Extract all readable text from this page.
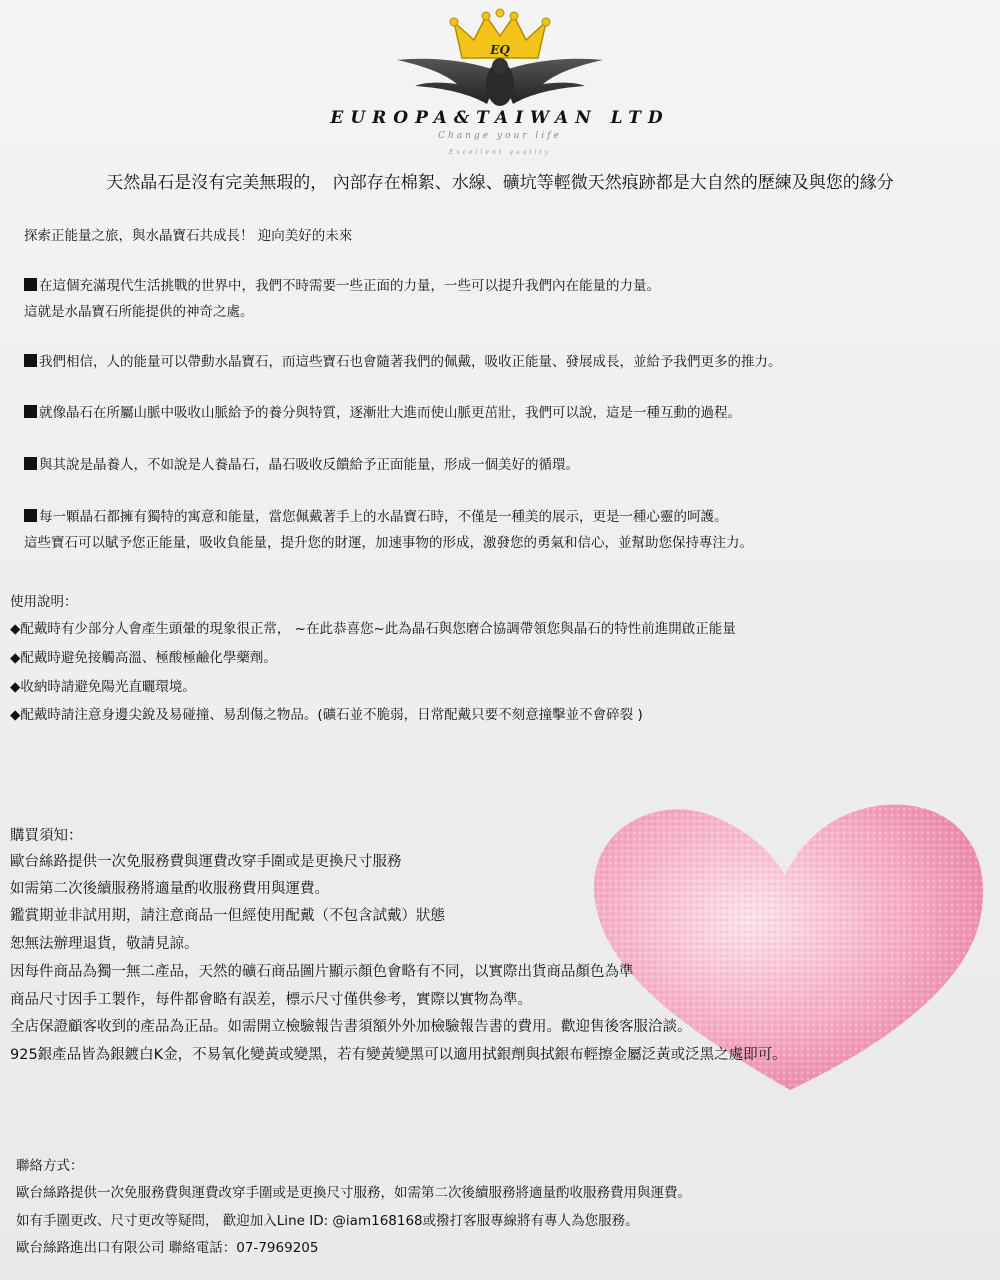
EQ
EUROPA&TAIWAN LTD
Change your life
Excellent quality
天然晶石是沒有完美無瑕的， 內部存在棉絮、水線、礦坑等輕微天然痕跡都是大自然的歷練及與您的緣分
探索正能量之旅，與水晶寶石共成長！ 迎向美好的未來
在這個充滿現代生活挑戰的世界中，我們不時需要一些正面的力量，一些可以提升我們內在能量的力量。
這就是水晶寶石所能提供的神奇之處。
我們相信，人的能量可以帶動水晶寶石，而這些寶石也會隨著我們的佩戴，吸收正能量、發展成長，並給予我們更多的推力。
就像晶石在所屬山脈中吸收山脈給予的養分與特質，逐漸壯大進而使山脈更茁壯，我們可以說，這是一種互動的過程。
與其說是晶養人，不如說是人養晶石，晶石吸收反饋給予正面能量，形成一個美好的循環。
每一顆晶石都擁有獨特的寓意和能量，當您佩戴著手上的水晶寶石時，不僅是一種美的展示，更是一種心靈的呵護。
這些寶石可以賦予您正能量，吸收負能量，提升您的財運，加速事物的形成，激發您的勇氣和信心，並幫助您保持專注力。
使用說明：
◆配戴時有少部分人會產生頭暈的現象很正常， ~在此恭喜您~此為晶石與您磨合協調帶領您與晶石的特性前進開啟正能量
◆配戴時避免接觸高溫、極酸極鹼化學藥劑。
◆收納時請避免陽光直曬環境。
◆配戴時請注意身邊尖銳及易碰撞、易刮傷之物品。(礦石並不脆弱，日常配戴只要不刻意撞擊並不會碎裂 )
購買須知：
歐台絲路提供一次免服務費與運費改穿手圍或是更換尺寸服務
如需第二次後續服務將適量酌收服務費用與運費。
鑑賞期並非試用期，請注意商品一但經使用配戴（不包含試戴）狀態
恕無法辦理退貨，敬請見諒。
因每件商品為獨一無二產品，天然的礦石商品圖片顯示顏色會略有不同，以實際出貨商品顏色為準
商品尺寸因手工製作，每件都會略有誤差，標示尺寸僅供參考，實際以實物為準。
全店保證顧客收到的產品為正品。如需開立檢驗報告書須額外外加檢驗報告書的費用。歡迎售後客服洽談。
925銀產品皆為銀鍍白K金，不易氧化變黃或變黑，若有變黃變黑可以適用拭銀劑與拭銀布輕擦金屬泛黃或泛黑之處即可。
聯絡方式：
歐台絲路提供一次免服務費與運費改穿手圍或是更換尺寸服務，如需第二次後續服務將適量酌收服務費用與運費。
如有手圍更改、尺寸更改等疑問， 歡迎加入Line ID: @iam168168或撥打客服專線將有專人為您服務。
歐台絲路進出口有限公司 聯絡電話：07-7969205
